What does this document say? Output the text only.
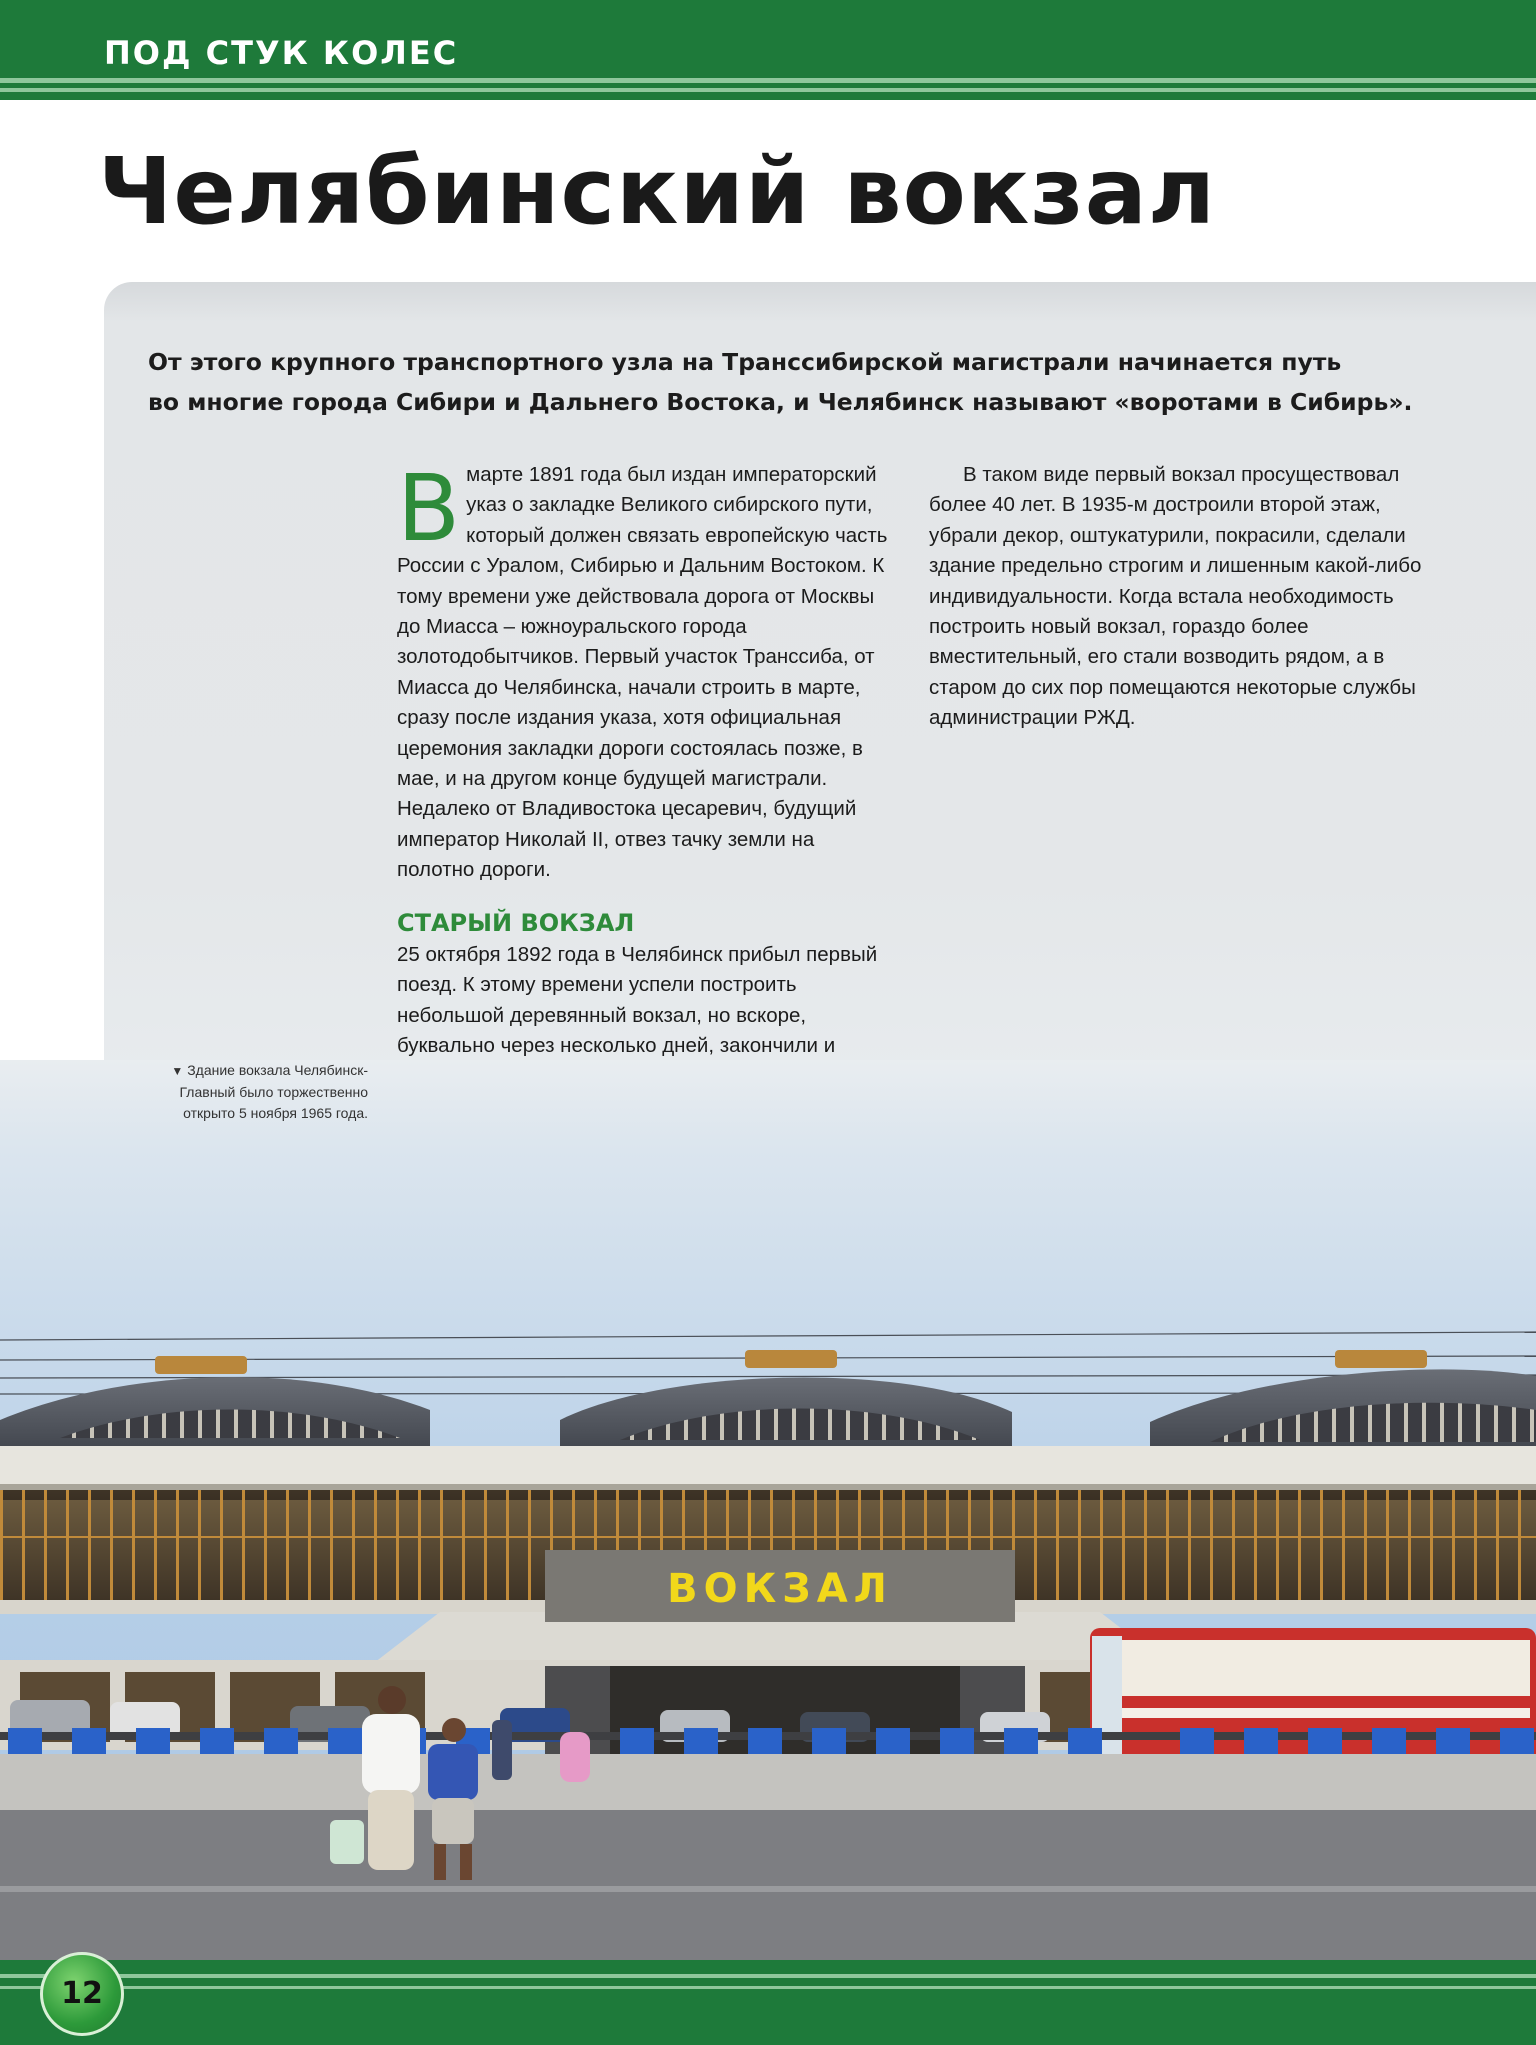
ПОД СТУК КОЛЕС
Челябинский вокзал

От этого крупного транспортного узла на Транссибирской магистрали начинается путь
во многие города Сибири и Дальнего Востока, и Челябинск называют «воротами в Сибирь».

Вмарте 1891 года был издан императорский указ о закладке Великого сибирского пути, который должен связать европейскую часть России с Уралом, Сибирью и Дальним Востоком. К тому времени уже действовала дорога от Москвы до Миасса – южноуральского города золотодобытчиков. Первый участок Транссиба, от Миасса до Челябинска, начали строить в марте, сразу после издания указа, хотя официальная церемония закладки дороги состоялась позже, в мае, и на другом конце будущей магистрали. Недалеко от Владивостока цесаревич, будущий император Николай II, отвез тачку земли на полотно дороги.

СТАРЫЙ ВОКЗАЛ

25 октября 1892 года в Челябинск прибыл первый поезд. К этому времени успели построить небольшой деревянный вокзал, но вскоре, буквально через несколько дней, закончили и

В таком виде первый вокзал просуществовал более 40 лет. В 1935-м достроили второй этаж, убрали декор, оштукатурили, покрасили, сделали здание предельно строгим и лишенным какой-либо индивидуальности. Когда встала необходимость построить новый вокзал, гораздо более вместительный, его стали возводить рядом, а в старом до сих пор помещаются некоторые службы администрации РЖД.

ВОКЗАЛ
▼ Здание вокзала Челябинск-Главный было торжественно открыто 5 ноября 1965 года.
12
